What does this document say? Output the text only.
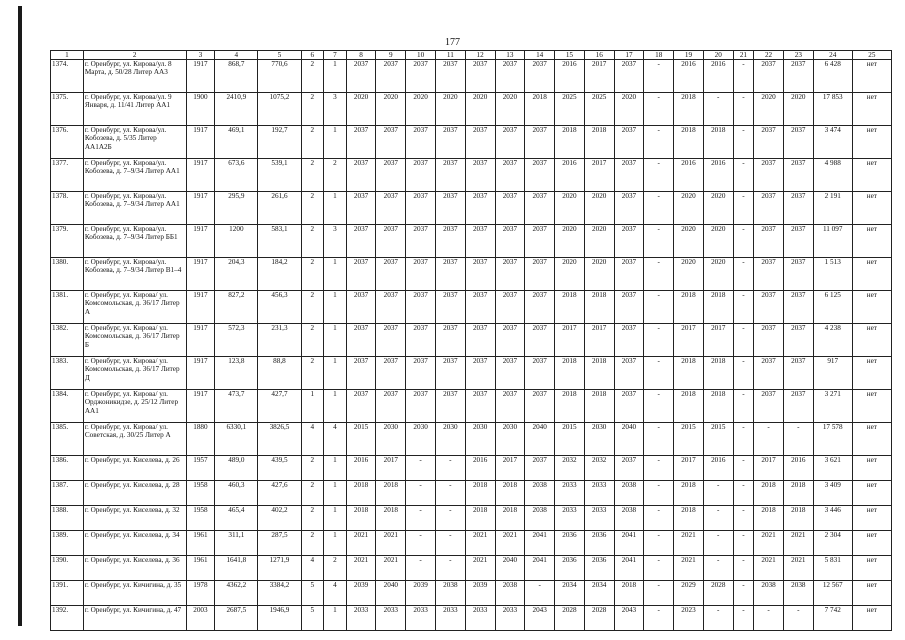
177
1	2	3	4	5	6	7	8	9	10	11	12	13	14	15	16	17	18	19	20	21	22	23	24	25
1374.	г. Оренбург, ул. Кирова/ул. 8 Марта, д. 50/28 Литер АА3	1917	868,7	770,6	2	1	2037	2037	2037	2037	2037	2037	2037	2016	2017	2037	-	2016	2016	-	2037	2037	6 428	нет
1375.	г. Оренбург, ул. Кирова/ул. 9 Января, д. 11/41 Литер АА1	1900	2410,9	1075,2	2	3	2020	2020	2020	2020	2020	2020	2018	2025	2025	2020	-	2018	-	-	2020	2020	17 853	нет
1376.	г. Оренбург, ул. Кирова/ул. Кобозева, д. 5/35 Литер АА1А2Б	1917	469,1	192,7	2	1	2037	2037	2037	2037	2037	2037	2037	2018	2018	2037	-	2018	2018	-	2037	2037	3 474	нет
1377.	г. Оренбург, ул. Кирова/ул. Кобозева, д. 7–9/34 Литер АА1	1917	673,6	539,1	2	2	2037	2037	2037	2037	2037	2037	2037	2016	2017	2037	-	2016	2016	-	2037	2037	4 988	нет
1378.	г. Оренбург, ул. Кирова/ул. Кобозева, д. 7–9/34 Литер АА1	1917	295,9	261,6	2	1	2037	2037	2037	2037	2037	2037	2037	2020	2020	2037	-	2020	2020	-	2037	2037	2 191	нет
1379.	г. Оренбург, ул. Кирова/ул. Кобозева, д. 7–9/34 Литер ББ1	1917	1200	583,1	2	3	2037	2037	2037	2037	2037	2037	2037	2020	2020	2037	-	2020	2020	-	2037	2037	11 097	нет
1380.	г. Оренбург, ул. Кирова/ул. Кобозева, д. 7–9/34 Литер В1–4	1917	204,3	184,2	2	1	2037	2037	2037	2037	2037	2037	2037	2020	2020	2037	-	2020	2020	-	2037	2037	1 513	нет
1381.	г. Оренбург, ул. Кирова/ ул. Комсомольская, д. 36/17 Литер А	1917	827,2	456,3	2	1	2037	2037	2037	2037	2037	2037	2037	2018	2018	2037	-	2018	2018	-	2037	2037	6 125	нет
1382.	г. Оренбург, ул. Кирова/ ул. Комсомольская, д. 36/17 Литер Б	1917	572,3	231,3	2	1	2037	2037	2037	2037	2037	2037	2037	2017	2017	2037	-	2017	2017	-	2037	2037	4 238	нет
1383.	г. Оренбург, ул. Кирова/ ул. Комсомольская, д. 36/17 Литер Д	1917	123,8	88,8	2	1	2037	2037	2037	2037	2037	2037	2037	2018	2018	2037	-	2018	2018	-	2037	2037	917	нет
1384.	г. Оренбург, ул. Кирова/ ул. Орджоникидзе, д. 25/12 Литер АА1	1917	473,7	427,7	1	1	2037	2037	2037	2037	2037	2037	2037	2018	2018	2037	-	2018	2018	-	2037	2037	3 271	нет
1385.	г. Оренбург, ул. Кирова/ ул. Советская, д. 30/25 Литер А	1880	6330,1	3826,5	4	4	2015	2030	2030	2030	2030	2030	2040	2015	2030	2040	-	2015	2015	-	-	-	17 578	нет
1386.	г. Оренбург, ул. Киселева, д. 26	1957	489,0	439,5	2	1	2016	2017	-	-	2016	2017	2037	2032	2032	2037	-	2017	2016	-	2017	2016	3 621	нет
1387.	г. Оренбург, ул. Киселева, д. 28	1958	460,3	427,6	2	1	2018	2018	-	-	2018	2018	2038	2033	2033	2038	-	2018	-	-	2018	2018	3 409	нет
1388.	г. Оренбург, ул. Киселева, д. 32	1958	465,4	402,2	2	1	2018	2018	-	-	2018	2018	2038	2033	2033	2038	-	2018	-	-	2018	2018	3 446	нет
1389.	г. Оренбург, ул. Киселева, д. 34	1961	311,1	287,5	2	1	2021	2021	-	-	2021	2021	2041	2036	2036	2041	-	2021	-	-	2021	2021	2 304	нет
1390.	г. Оренбург, ул. Киселева, д. 36	1961	1641,8	1271,9	4	2	2021	2021	-	-	2021	2040	2041	2036	2036	2041	-	2021	-	-	2021	2021	5 831	нет
1391.	г. Оренбург, ул. Кичигина, д. 35	1978	4362,2	3384,2	5	4	2039	2040	2039	2038	2039	2038	-	2034	2034	2018	-	2029	2028	-	2038	2038	12 567	нет
1392.	г. Оренбург, ул. Кичигина, д. 47	2003	2687,5	1946,9	5	1	2033	2033	2033	2033	2033	2033	2043	2028	2028	2043	-	2023	-	-	-	-	7 742	нет
